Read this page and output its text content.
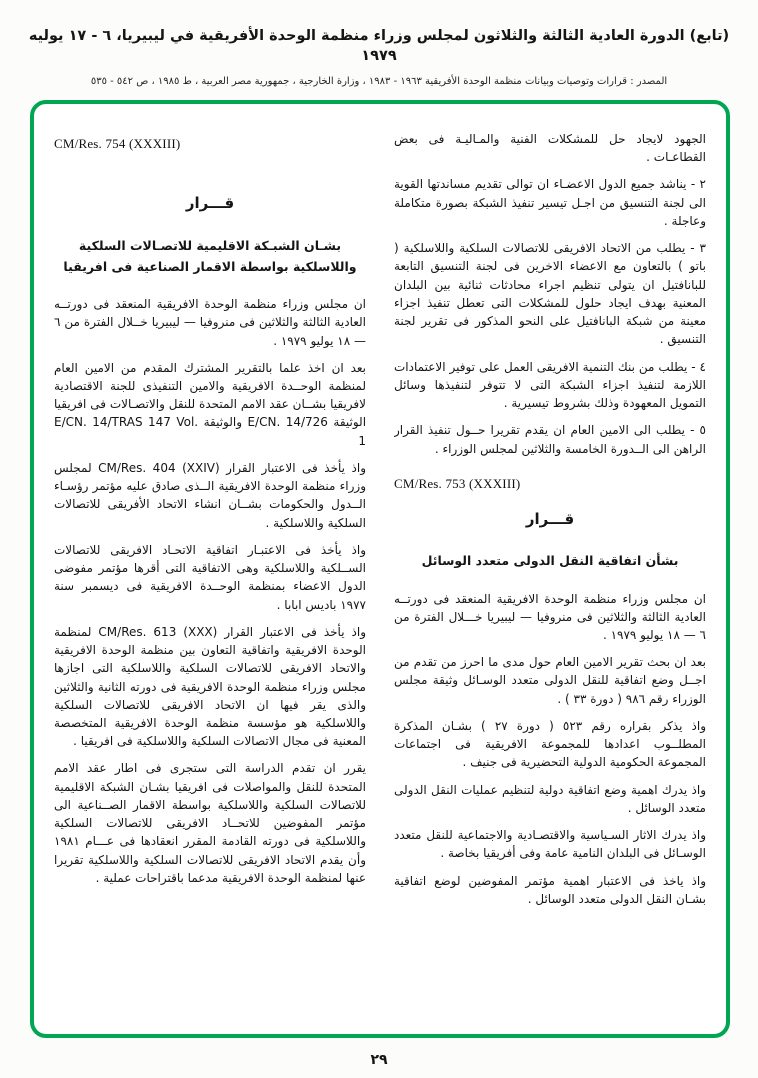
(تابع) الدورة العادية الثالثة والثلاثون لمجلس وزراء منظمة الوحدة الأفريقية في ليبيريا، ٦ - ١٧ يوليه ١٩٧٩
المصدر : قرارات وتوصيات وبيانات منظمة الوحدة الأفريقية ١٩٦٣ - ١٩٨٣ ، وزارة الخارجية ، جمهورية مصر العربية ، ط ١٩٨٥ ، ص ٥٤٢ - ٥٣٥

الجهود لايجاد حل للمشكلات الفنية والمـاليـة فى بعض القطاعـات .

٢ - يناشد جميع الدول الاعضـاء ان توالى تقديم مساندتها القوية الى لجنة التنسيق من اجـل تيسير تنفيذ الشبكة بصورة متكاملة وعاجلة .

٣ - يطلب من الاتحاد الافريقى للاتصالات السلكية واللاسلكية ( باتو ) بالتعاون مع الاعضاء الاخرين فى لجنة التنسيق التابعة للبانافتيل ان يتولى تنظيم اجراء محادثات ثنائية بين البلدان المعنية بهدف ايجاد حلول للمشكلات التى تعطل تنفيذ اجزاء معينة من شبكة البانافتيل على النحو المذكور فى تقرير لجنة التنسيق .

٤ - يطلب من بنك التنمية الافريقى العمل على توفير الاعتمادات اللازمة لتنفيذ اجزاء الشبكة التى لا تتوفر لتنفيذها وسائل التمويل المعهودة وذلك بشروط تيسيرية .

٥ - يطلب الى الامين العام ان يقدم تقريرا حــول تنفيذ القرار الراهن الى الــدورة الخامسة والثلاثين لمجلس الوزراء .

CM/Res. 753 (XXXIII)
قـــرار
بشأن اتفاقية النقل الدولى متعدد الوسائل

ان مجلس وزراء منظمة الوحدة الافريقية المنعقد فى دورتــه العادية الثالثة والثلاثين فى منروفيا — ليبيريا خـــلال الفترة من ٦ — ١٨ يوليو ١٩٧٩ .

بعد ان بحث تقرير الامين العام حول مدى ما احرز من تقدم من اجــل وضع اتفاقية للنقل الدولى متعدد الوسـائل وثيقة مجلس الوزراء رقم ٩٨٦ ( دورة ٣٣ ) .

واذ يذكر بقراره رقم ٥٢٣ ( دورة ٢٧ ) بشـان المذكرة المطلــوب اعدادها للمجموعة الافريقية فى اجتماعات المجموعة الحكومية الدولية التحضيرية فى جنيف .

واذ يدرك اهمية وضع اتفاقية دولية لتنظيم عمليات النقل الدولى متعدد الوسائل .

واذ يدرك الاثار السـياسية والاقتصـادية والاجتماعية للنقل متعدد الوسـائل فى البلدان النامية عامة وفى أفريقيا بخاصة .

واذ ياخذ فى الاعتبار اهمية مؤتمر المفوضين لوضع اتفاقية بشـان النقل الدولى متعدد الوسائل .

CM/Res. 754 (XXXIII)
قـــرار
بشـان الشبـكة الاقليمية للاتصـالات السلكية واللاسلكية بواسطة الاقمار الصناعية فى افريقيا

ان مجلس وزراء منظمة الوحدة الافريقية المنعقد فى دورتــه العادية الثالثة والثلاثين فى منروفيا — ليبيريا خــلال الفترة من ٦ — ١٨ يوليو ١٩٧٩ .

بعد ان اخذ علما بالتقرير المشترك المقدم من الامين العام لمنظمة الوحــدة الافريقية والامين التنفيذى للجنة الاقتصادية لافريقيا بشــان عقد الامم المتحدة للنقل والاتصـالات فى افريقيا الوثيقة ‎E/CN. 14/726‎ والوثيقة ‎E/CN. 14/TRAS 147 Vol. 1‎

واذ يأخذ فى الاعتبار القرار ‎CM/Res. 404 (XXIV)‎ لمجلس وزراء منظمة الوحدة الافريقية الــذى صادق عليه مؤتمر رؤسـاء الــدول والحكومات بشــان انشاء الاتحاد الأفريقى للاتصالات السلكية واللاسلكية .

واذ يأخذ فى الاعتبـار اتفاقية الاتحـاد الافريقى للاتصالات الســلكية واللاسلكية وهى الاتفاقية التى أقرها مؤتمر مفوضى الدول الاعضاء بمنظمة الوحــدة الافريقية فى ديسمبر سنة ١٩٧٧ باديس ابابا .

واذ يأخذ فى الاعتبار القرار ‎CM/Res. 613 (XXX)‎ لمنظمة الوحدة الافريقية واتفاقية التعاون بين منظمة الوحدة الافريقية والاتحاد الافريقى للاتصالات السلكية واللاسلكية التى اجازها مجلس وزراء منظمة الوحدة الافريقية فى دورته الثانية والثلاثين والذى يقر فيها ان الاتحاد الافريقى للاتصالات السلكية واللاسلكية هو مؤسسة منظمة الوحدة الافريقية المتخصصة المعنية فى مجال الاتصالات السلكية واللاسلكية فى افريقيا .

يقرر ان تقدم الدراسة التى ستجرى فى اطار عقد الامم المتحدة للنقل والمواصلات فى افريقيا بشـان الشبكة الاقليمية للاتصالات السلكية واللاسلكية بواسطة الاقمار الصــناعية الى مؤتمر المفوضين للاتحــاد الافريقى للاتصالات السلكية واللاسلكية فى دورته القادمة المقرر انعقادها فى عـــام ١٩٨١ وأن يقدم الاتحاد الافريقى للاتصالات السلكية واللاسلكية تقريرا عنها لمنظمة الوحدة الافريقية مدعما باقتراحات عملية .

٢٩
